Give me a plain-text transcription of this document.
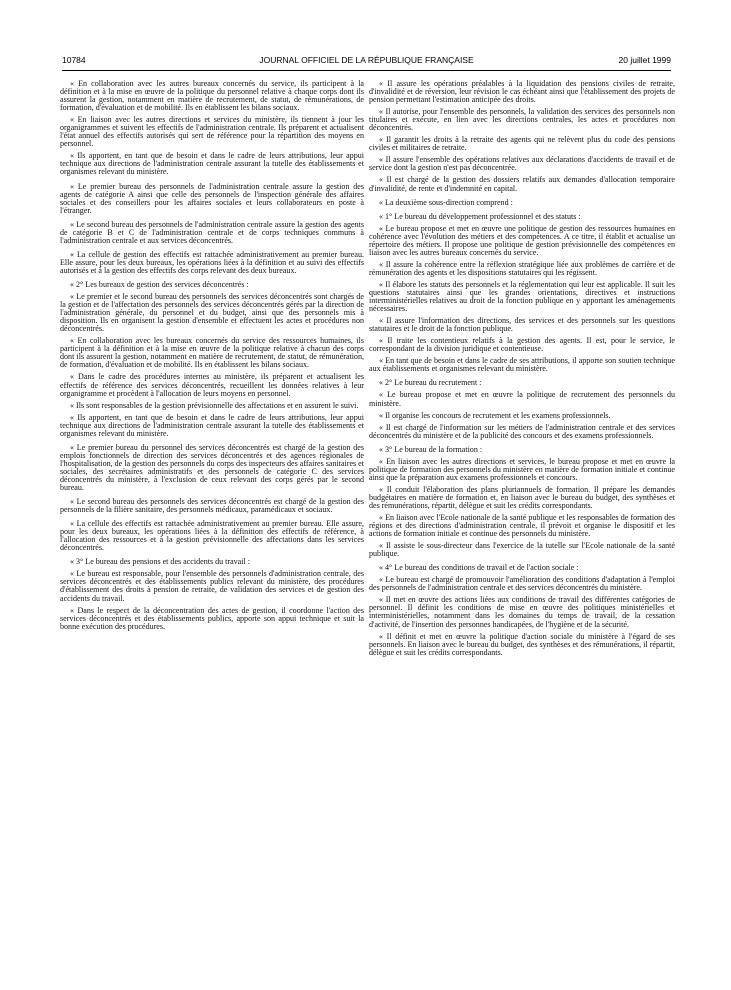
10784	JOURNAL OFFICIEL DE LA RÉPUBLIQUE FRANÇAISE	20 juillet 1999

« En collaboration avec les autres bureaux concernés du service, ils participent à la définition et à la mise en œuvre de la politique du personnel relative à chaque corps dont ils assurent la gestion, notamment en matière de recrutement, de statut, de rémunérations, de formation, d'évaluation et de mobilité. Ils en établissent les bilans sociaux.

« En liaison avec les autres directions et services du ministère, ils tiennent à jour les organigrammes et suivent les effectifs de l'administration centrale. Ils préparent et actualisent l'état annuel des effectifs autorisés qui sert de référence pour la répartition des moyens en personnel.

« Ils apportent, en tant que de besoin et dans le cadre de leurs attributions, leur appui technique aux directions de l'administration centrale assurant la tutelle des établissements et organismes relevant du ministère.

« Le premier bureau des personnels de l'administration centrale assure la gestion des agents de catégorie A ainsi que celle des personnels de l'inspection générale des affaires sociales et des conseillers pour les affaires sociales et leurs collaborateurs en poste à l'étranger.

« Le second bureau des personnels de l'administration centrale assure la gestion des agents de catégorie B et C de l'administration centrale et de corps techniques communs à l'administration centrale et aux services déconcentrés.

« La cellule de gestion des effectifs est rattachée administrativement au premier bureau. Elle assure, pour les deux bureaux, les opérations liées à la définition et au suivi des effectifs autorisés et à la gestion des effectifs des corps relevant des deux bureaux.

« 2° Les bureaux de gestion des services déconcentrés :

« Le premier et le second bureau des personnels des services déconcentrés sont chargés de la gestion et de l'affectation des personnels des services déconcentrés gérés par la direction de l'administration générale, du personnel et du budget, ainsi que des personnels mis à disposition. Ils en organisent la gestion d'ensemble et effectuent les actes et procédures non déconcentrés.

« En collaboration avec les bureaux concernés du service des ressources humaines, ils participent à la définition et à la mise en œuvre de la politique relative à chacun des corps dont ils assurent la gestion, notamment en matière de recrutement, de statut, de rémunération, de formation, d'évaluation et de mobilité. Ils en établissent les bilans sociaux.

« Dans le cadre des procédures internes au ministère, ils préparent et actualisent les effectifs de référence des services déconcentrés, recueillent les données relatives à leur organigramme et procèdent à l'allocation de leurs moyens en personnel.

« Ils sont responsables de la gestion prévisionnelle des affectations et en assurent le suivi.

« Ils apportent, en tant que de besoin et dans le cadre de leurs attributions, leur appui technique aux directions de l'administration centrale assurant la tutelle des établissements et organismes relevant du ministère.

« Le premier bureau du personnel des services déconcentrés est chargé de la gestion des emplois fonctionnels de direction des services déconcentrés et des agences régionales de l'hospitalisation, de la gestion des personnels du corps des inspecteurs des affaires sanitaires et sociales, des secrétaires administratifs et des personnels de catégorie C des services déconcentrés du ministère, à l'exclusion de ceux relevant des corps gérés par le second bureau.

« Le second bureau des personnels des services déconcentrés est chargé de la gestion des personnels de la filière sanitaire, des personnels médicaux, paramédicaux et sociaux.

« La cellule des effectifs est rattachée administrativement au premier bureau. Elle assure, pour les deux bureaux, les opérations liées à la définition des effectifs de référence, à l'allocation des ressources et à la gestion prévisionnelle des affectations dans les services déconcentrés.

« 3° Le bureau des pensions et des accidents du travail :

« Le bureau est responsable, pour l'ensemble des personnels d'administration centrale, des services déconcentrés et des établissements publics relevant du ministère, des procédures d'établissement des droits à pension de retraite, de validation des services et de gestion des accidents du travail.

« Dans le respect de la déconcentration des actes de gestion, il coordonne l'action des services déconcentrés et des établissements publics, apporte son appui technique et suit la bonne exécution des procédures.

« Il assure les opérations préalables à la liquidation des pensions civiles de retraite, d'invalidité et de réversion, leur révision le cas échéant ainsi que l'établissement des projets de pension permettant l'estimation anticipée des droits.

« Il autorise, pour l'ensemble des personnels, la validation des services des personnels non titulaires et exécute, en lien avec les directions centrales, les actes et procédures non déconcentrés.

« Il garantit les droits à la retraite des agents qui ne relèvent plus du code des pensions civiles et militaires de retraite.

« Il assure l'ensemble des opérations relatives aux déclarations d'accidents de travail et de service dont la gestion n'est pas déconcentrée.

« Il est chargé de la gestion des dossiers relatifs aux demandes d'allocation temporaire d'invalidité, de rente et d'indemnité en capital.

« La deuxième sous-direction comprend :

« 1° Le bureau du développement professionnel et des statuts :

« Le bureau propose et met en œuvre une politique de gestion des ressources humaines en cohérence avec l'évolution des métiers et des compétences. A ce titre, il établit et actualise un répertoire des métiers. Il propose une politique de gestion prévisionnelle des compétences en liaison avec les autres bureaux concernés du service.

« Il assure la cohérence entre la réflexion stratégique liée aux problèmes de carrière et de rémunération des agents et les dispositions statutaires qui les régissent.

« Il élabore les statuts des personnels et la réglementation qui leur est applicable. Il suit les questions statutaires ainsi que les grandes orientations, directives et instructions interministérielles relatives au droit de la fonction publique en y apportant les aménagements nécessaires.

« Il assure l'information des directions, des services et des personnels sur les questions statutaires et le droit de la fonction publique.

« Il traite les contentieux relatifs à la gestion des agents. Il est, pour le service, le correspondant de la division juridique et contentieuse.

« En tant que de besoin et dans le cadre de ses attributions, il apporte son soutien technique aux établissements et organismes relevant du ministère.

« 2° Le bureau du recrutement :

« Le bureau propose et met en œuvre la politique de recrutement des personnels du ministère.

« Il organise les concours de recrutement et les examens professionnels.

« Il est chargé de l'information sur les métiers de l'administration centrale et des services déconcentrés du ministère et de la publicité des concours et des examens professionnels.

« 3° Le bureau de la formation :

« En liaison avec les autres directions et services, le bureau propose et met en œuvre la politique de formation des personnels du ministère en matière de formation initiale et continue ainsi que la préparation aux examens professionnels et concours.

« Il conduit l'élaboration des plans pluriannuels de formation. Il prépare les demandes budgétaires en matière de formation et, en liaison avec le bureau du budget, des synthèses et des rémunérations, répartit, délègue et suit les crédits correspondants.

« En liaison avec l'Ecole nationale de la santé publique et les responsables de formation des régions et des directions d'administration centrale, il prévoit et organise le dispositif et les actions de formation initiale et continue des personnels du ministère.

« Il assiste le sous-directeur dans l'exercice de la tutelle sur l'Ecole nationale de la santé publique.

« 4° Le bureau des conditions de travail et de l'action sociale :

« Le bureau est chargé de promouvoir l'amélioration des conditions d'adaptation à l'emploi des personnels de l'administration centrale et des services déconcentrés du ministère.

« Il met en œuvre des actions liées aux conditions de travail des différentes catégories de personnel. Il définit les conditions de mise en œuvre des politiques ministérielles et interministérielles, notamment dans les domaines du temps de travail, de la cessation d'activité, de l'insertion des personnes handicapées, de l'hygiène et de la sécurité.

« Il définit et met en œuvre la politique d'action sociale du ministère à l'égard de ses personnels. En liaison avec le bureau du budget, des synthèses et des rémunérations, il répartit, délègue et suit les crédits correspondants.
